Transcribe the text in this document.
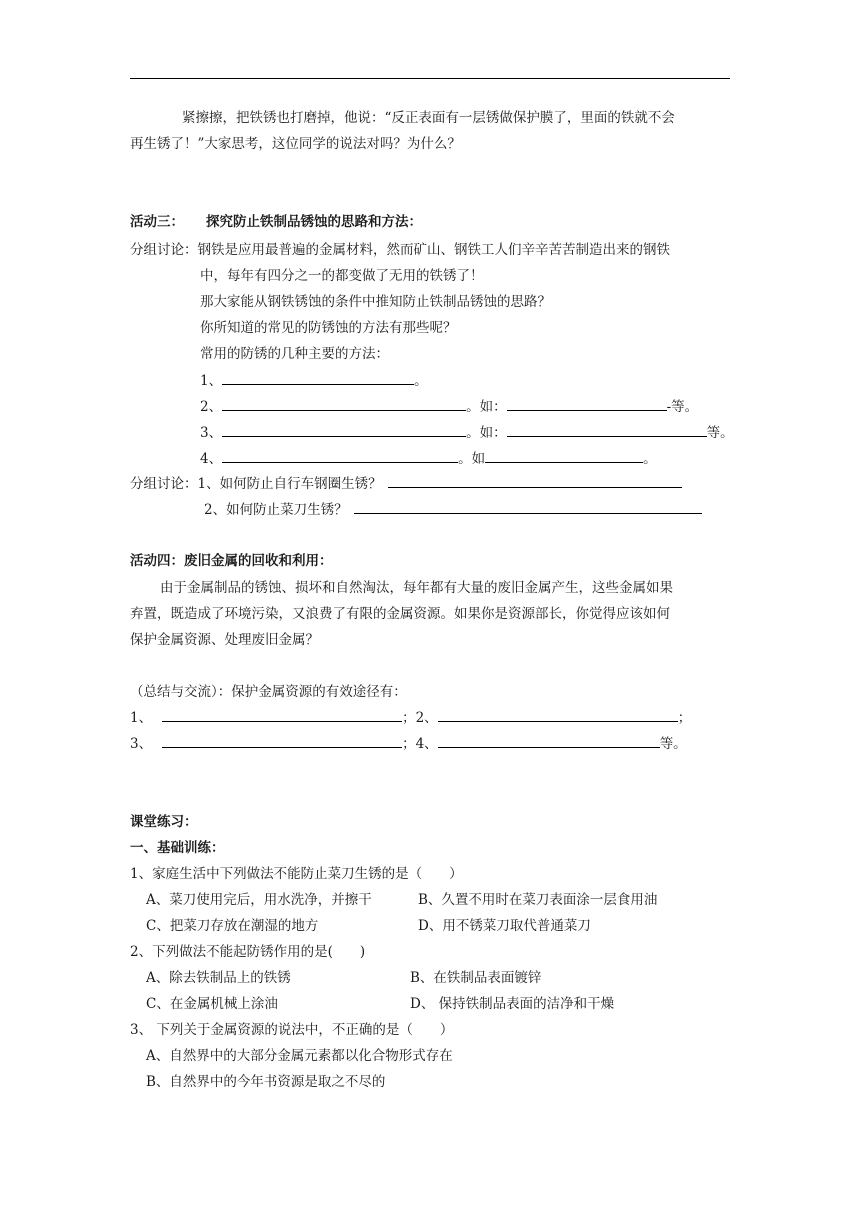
紧擦擦，把铁锈也打磨掉，他说：“反正表面有一层锈做保护膜了，里面的铁就不会
再生锈了！”大家思考，这位同学的说法对吗？为什么？
活动三： 探究防止铁制品锈蚀的思路和方法：
分组讨论：钢铁是应用最普遍的金属材料，然而矿山、钢铁工人们辛辛苦苦制造出来的钢铁
中，每年有四分之一的都变做了无用的铁锈了！
那大家能从钢铁锈蚀的条件中推知防止铁制品锈蚀的思路？
你所知道的常见的防锈蚀的方法有那些呢？
常用的防锈的几种主要的方法：
1、	。
2、	。如：	-等。
3、	。如：	等。
4、	。如	。
分组讨论：1、如何防止自行车钢圈生锈？
2、如何防止菜刀生锈？
活动四：废旧金属的回收和利用：
由于金属制品的锈蚀、损坏和自然淘汰，每年都有大量的废旧金属产生，这些金属如果
弃置，既造成了环境污染，又浪费了有限的金属资源。如果你是资源部长，你觉得应该如何
保护金属资源、处理废旧金属？
（总结与交流）：保护金属资源的有效途径有：
1、	；2、	；
3、	；4、	等。
课堂练习：
一、基础训练：
1、家庭生活中下列做法不能防止菜刀生锈的是（　　）
A、菜刀使用完后，用水洗净，并擦干	B、久置不用时在菜刀表面涂一层食用油
C、把菜刀存放在潮湿的地方	D、用不锈菜刀取代普通菜刀
2、下列做法不能起防锈作用的是(　　)
A、除去铁制品上的铁锈	B、在铁制品表面镀锌
C、在金属机械上涂油	D、 保持铁制品表面的洁净和干燥
3、 下列关于金属资源的说法中，不正确的是（　　）
A、自然界中的大部分金属元素都以化合物形式存在
B、自然界中的今年书资源是取之不尽的
